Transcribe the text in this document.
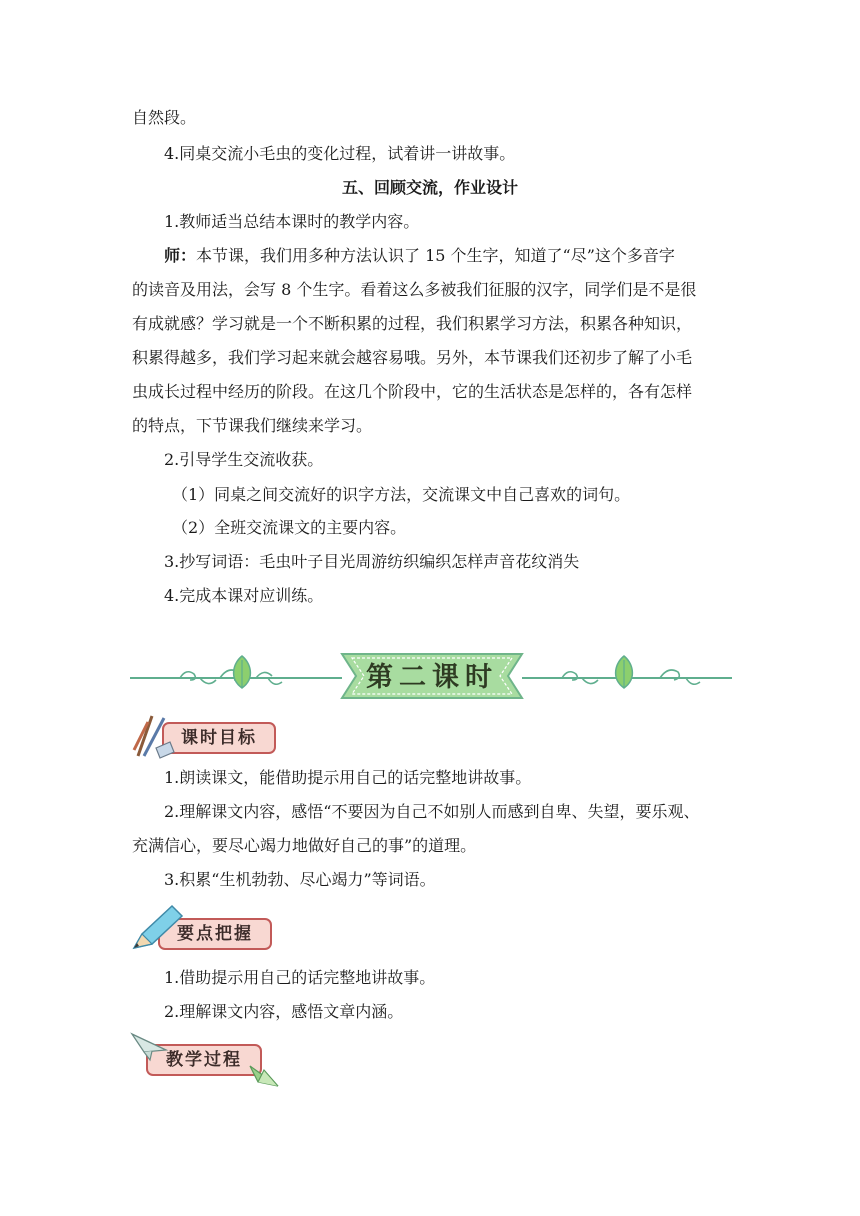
自然段。
4.同桌交流小毛虫的变化过程，试着讲一讲故事。
五、回顾交流，作业设计
1.教师适当总结本课时的教学内容。
师：本节课，我们用多种方法认识了 15 个生字，知道了“尽”这个多音字
的读音及用法，会写 8 个生字。看着这么多被我们征服的汉字，同学们是不是很
有成就感？学习就是一个不断积累的过程，我们积累学习方法，积累各种知识，
积累得越多，我们学习起来就会越容易哦。另外，本节课我们还初步了解了小毛
虫成长过程中经历的阶段。在这几个阶段中，它的生活状态是怎样的，各有怎样
的特点，下节课我们继续来学习。
2.引导学生交流收获。
（1）同桌之间交流好的识字方法，交流课文中自己喜欢的词句。
（2）全班交流课文的主要内容。
3.抄写词语：毛虫叶子目光周游纺织编织怎样声音花纹消失
4.完成本课对应训练。
第二课时
课时目标
1.朗读课文，能借助提示用自己的话完整地讲故事。
2.理解课文内容，感悟“不要因为自己不如别人而感到自卑、失望，要乐观、
充满信心，要尽心竭力地做好自己的事”的道理。
3.积累“生机勃勃、尽心竭力”等词语。
要点把握
1.借助提示用自己的话完整地讲故事。
2.理解课文内容，感悟文章内涵。
教学过程
